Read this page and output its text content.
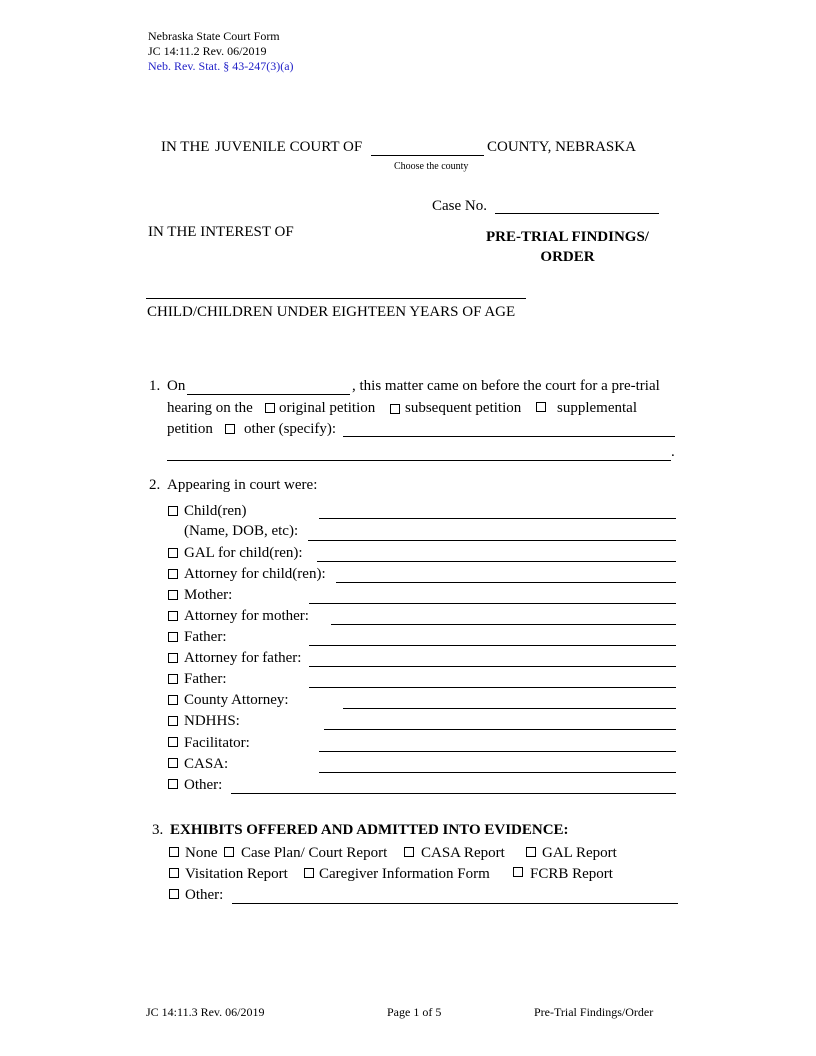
Nebraska State Court Form
JC 14:11.2 Rev. 06/2019
Neb. Rev. Stat. § 43-247(3)(a)
IN THE JUVENILE COURT OF	COUNTY, NEBRASKA
Choose the county
Case No.
IN THE INTEREST OF	PRE-TRIAL FINDINGS/
ORDER
CHILD/CHILDREN UNDER EIGHTEEN YEARS OF AGE
1. On	, this matter came on before the court for a pre-trial
hearing on the original petition subsequent petition supplemental
petition other (specify):
.
2. Appearing in court were:
Child(ren)
(Name, DOB, etc):
GAL for child(ren):
Attorney for child(ren):
Mother:
Attorney for mother:
Father:
Attorney for father:
Father:
County Attorney:
NDHHS:
Facilitator:
CASA:
Other:
3. EXHIBITS OFFERED AND ADMITTED INTO EVIDENCE:
None Case Plan/ Court Report CASA Report GAL Report
Visitation Report Caregiver Information Form	FCRB Report
Other:
JC 14:11.3 Rev. 06/2019	Page 1 of 5	Pre-Trial Findings/Order
